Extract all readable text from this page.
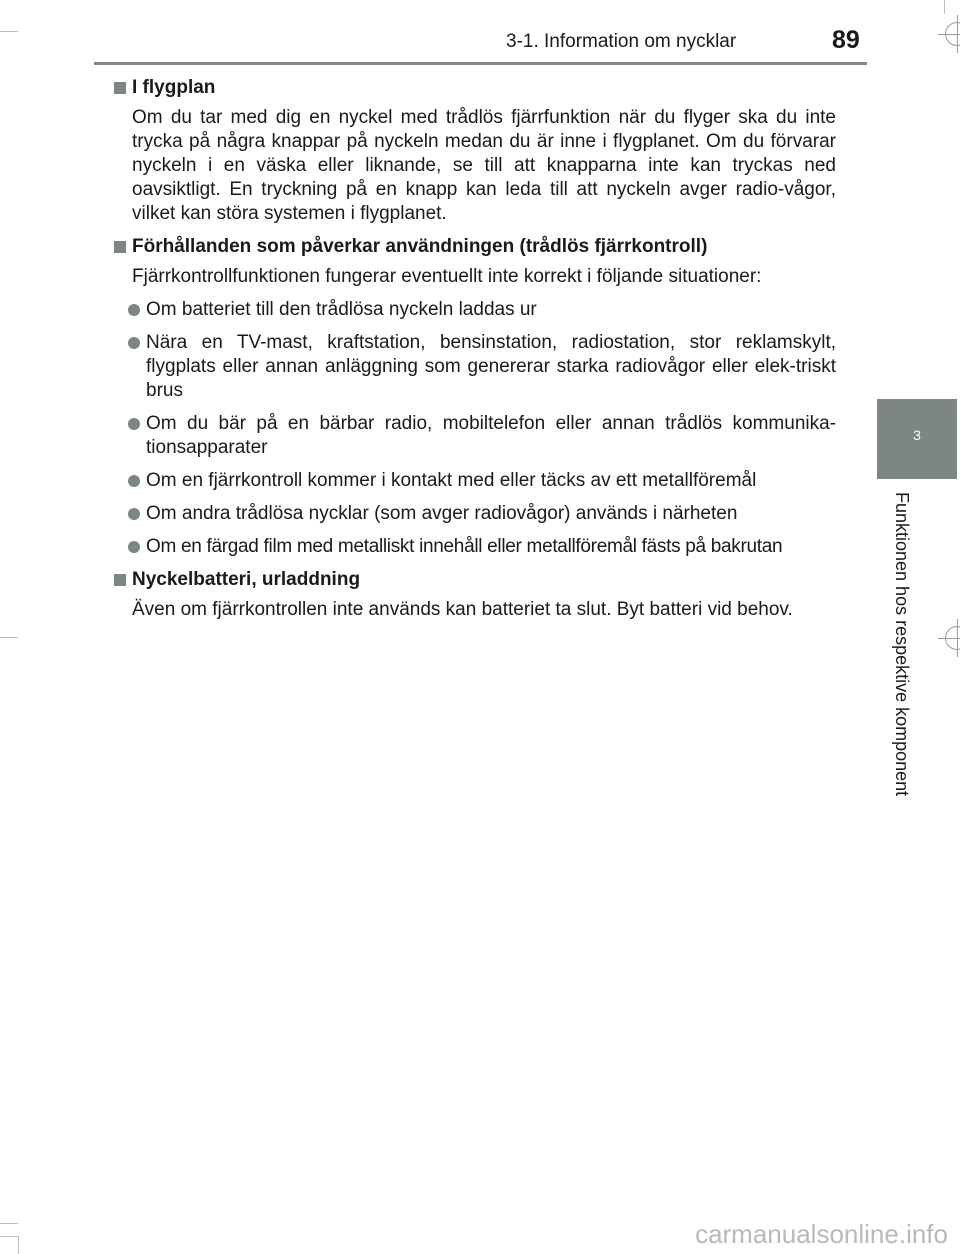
3-1. Information om nycklar	89
3
Funktionen hos respektive komponent
I flygplan
Om du tar med dig en nyckel med trådlös fjärrfunktion när du flyger ska du inte trycka på några knappar på nyckeln medan du är inne i flygplanet. Om du förvarar nyckeln i en väska eller liknande, se till att knapparna inte kan tryckas ned oavsiktligt. En tryckning på en knapp kan leda till att nyckeln avger radio-vågor, vilket kan störa systemen i flygplanet.
Förhållanden som påverkar användningen (trådlös fjärrkontroll)
Fjärrkontrollfunktionen fungerar eventuellt inte korrekt i följande situationer:
Om batteriet till den trådlösa nyckeln laddas ur
Nära en TV-mast, kraftstation, bensinstation, radiostation, stor reklamskylt, flygplats eller annan anläggning som genererar starka radiovågor eller elek-triskt brus
Om du bär på en bärbar radio, mobiltelefon eller annan trådlös kommunika-tionsapparater
Om en fjärrkontroll kommer i kontakt med eller täcks av ett metallföremål
Om andra trådlösa nycklar (som avger radiovågor) används i närheten
Om en färgad film med metalliskt innehåll eller metallföremål fästs på bakrutan
Nyckelbatteri, urladdning
Även om fjärrkontrollen inte används kan batteriet ta slut. Byt batteri vid behov.
carmanualsonline.info
